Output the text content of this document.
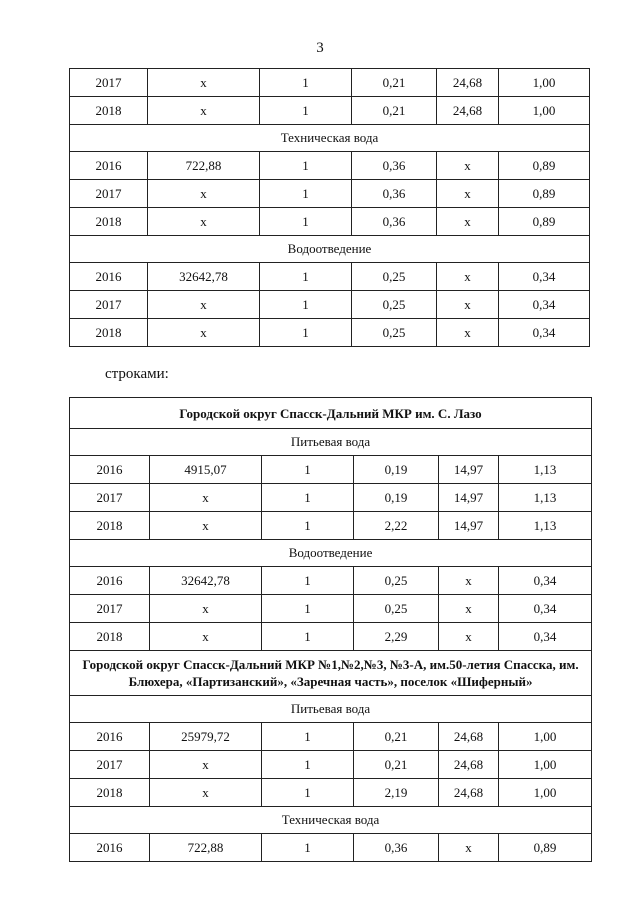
3
2017	x	1	0,21	24,68	1,00
2018	x	1	0,21	24,68	1,00
Техническая вода					
2016	722,88	1	0,36	x	0,89
2017	x	1	0,36	x	0,89
2018	x	1	0,36	x	0,89
Водоотведение					
2016	32642,78	1	0,25	x	0,34
2017	x	1	0,25	x	0,34
2018	x	1	0,25	x	0,34
строками:
Городской округ Спасск-Дальний МКР им. С. Лазо					
Питьевая вода					
2016	4915,07	1	0,19	14,97	1,13
2017	x	1	0,19	14,97	1,13
2018	x	1	2,22	14,97	1,13
Водоотведение					
2016	32642,78	1	0,25	x	0,34
2017	x	1	0,25	x	0,34
2018	x	1	2,29	x	0,34
Городской округ Спасск-Дальний МКР №1,№2,№3, №3-А, им.50-летия Спасска, им. Блюхера, «Партизанский», «Заречная часть», поселок «Шиферный»					
Питьевая вода					
2016	25979,72	1	0,21	24,68	1,00
2017	x	1	0,21	24,68	1,00
2018	x	1	2,19	24,68	1,00
Техническая вода					
2016	722,88	1	0,36	x	0,89
